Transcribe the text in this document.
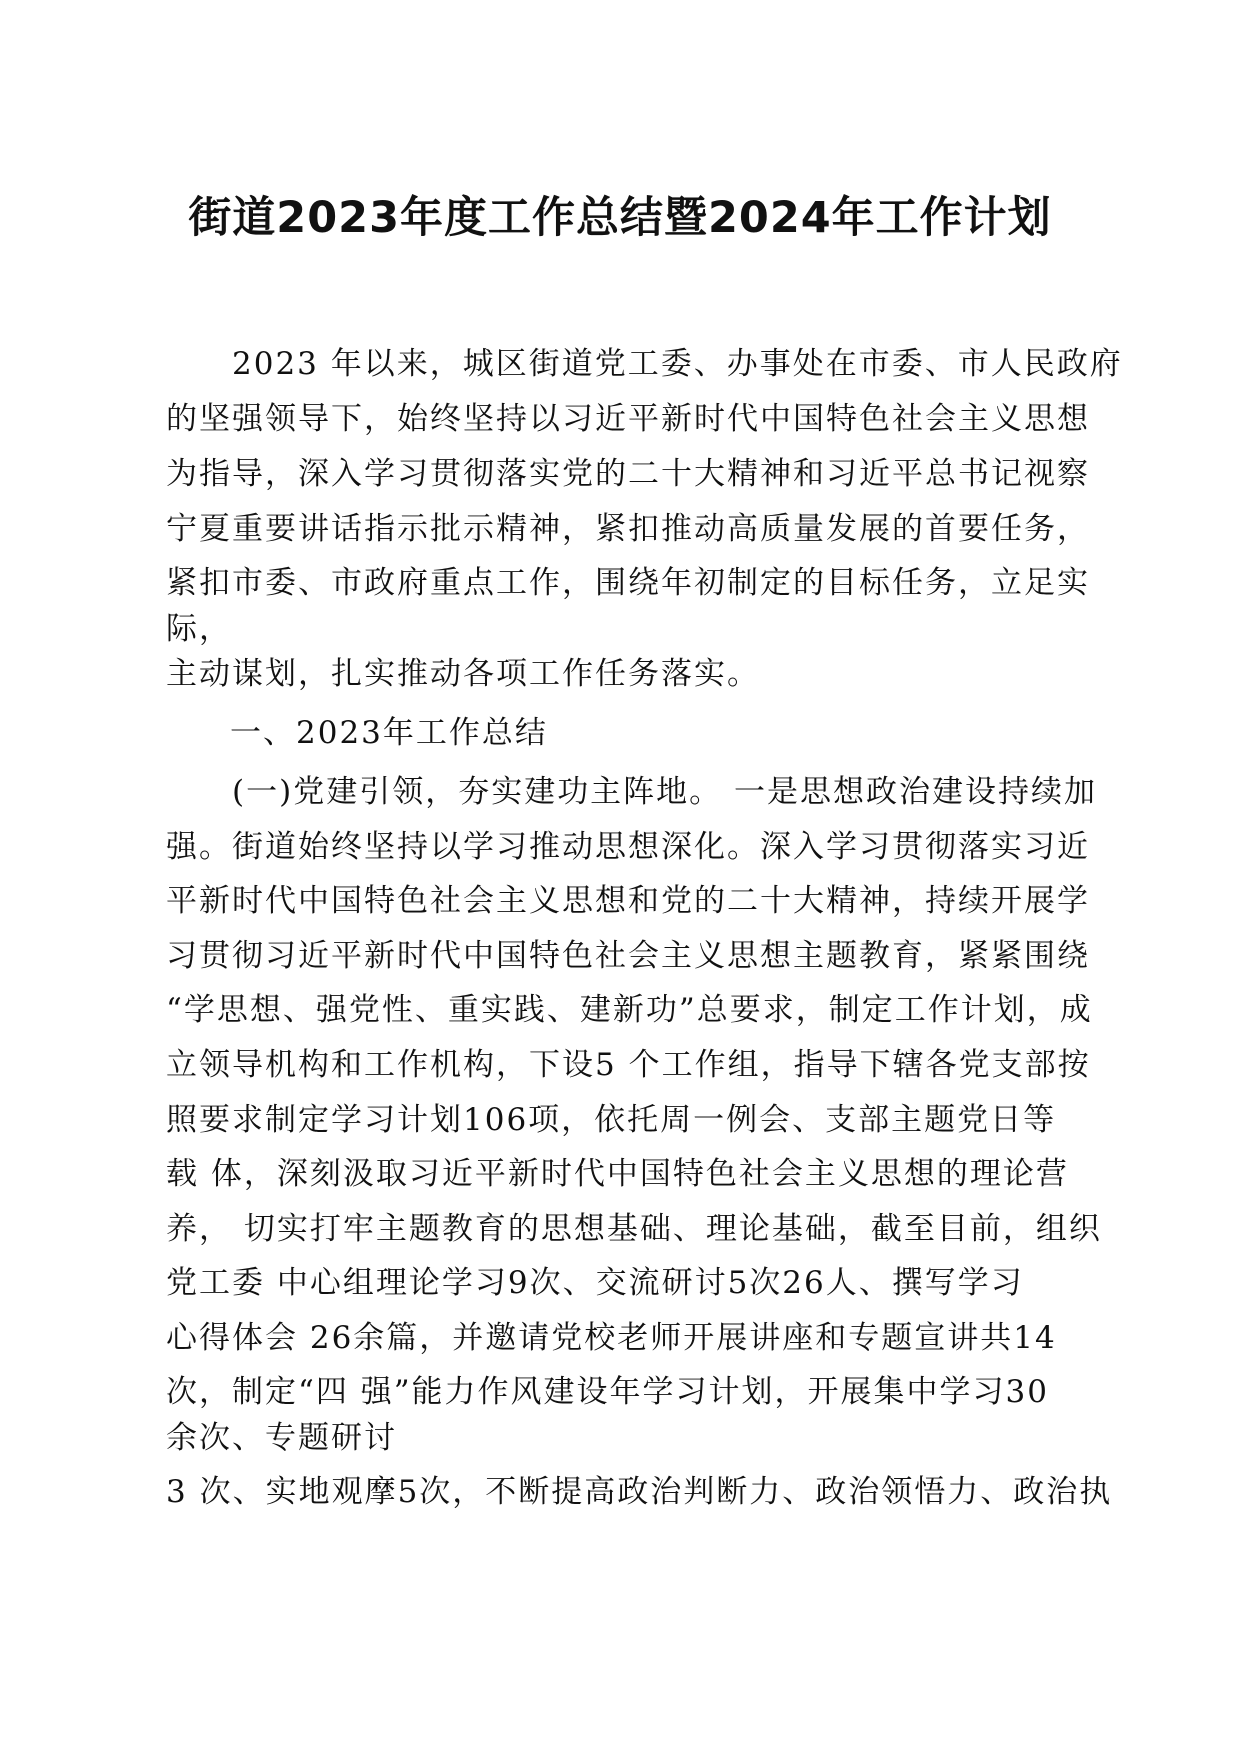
街道2023年度工作总结暨2024年工作计划
2023 年以来，城区街道党工委、办事处在市委、市人民政府
的坚强领导下，始终坚持以习近平新时代中国特色社会主义思想
为指导，深入学习贯彻落实党的二十大精神和习近平总书记视察
宁夏重要讲话指示批示精神，紧扣推动高质量发展的首要任务，
紧扣市委、市政府重点工作，围绕年初制定的目标任务，立足实
际，
主动谋划，扎实推动各项工作任务落实。
一、2023年工作总结
(一)党建引领，夯实建功主阵地。 一是思想政治建设持续加
强。街道始终坚持以学习推动思想深化。深入学习贯彻落实习近
平新时代中国特色社会主义思想和党的二十大精神，持续开展学
习贯彻习近平新时代中国特色社会主义思想主题教育，紧紧围绕
“学思想、强党性、重实践、建新功”总要求，制定工作计划，成
立领导机构和工作机构，下设5 个工作组，指导下辖各党支部按
照要求制定学习计划106项，依托周一例会、支部主题党日等
载 体，深刻汲取习近平新时代中国特色社会主义思想的理论营
养， 切实打牢主题教育的思想基础、理论基础，截至目前，组织
党工委 中心组理论学习9次、交流研讨5次26人、撰写学习
心得体会 26余篇，并邀请党校老师开展讲座和专题宣讲共14
次，制定“四 强”能力作风建设年学习计划，开展集中学习30
余次、专题研讨
3 次、实地观摩5次，不断提高政治判断力、政治领悟力、政治执
